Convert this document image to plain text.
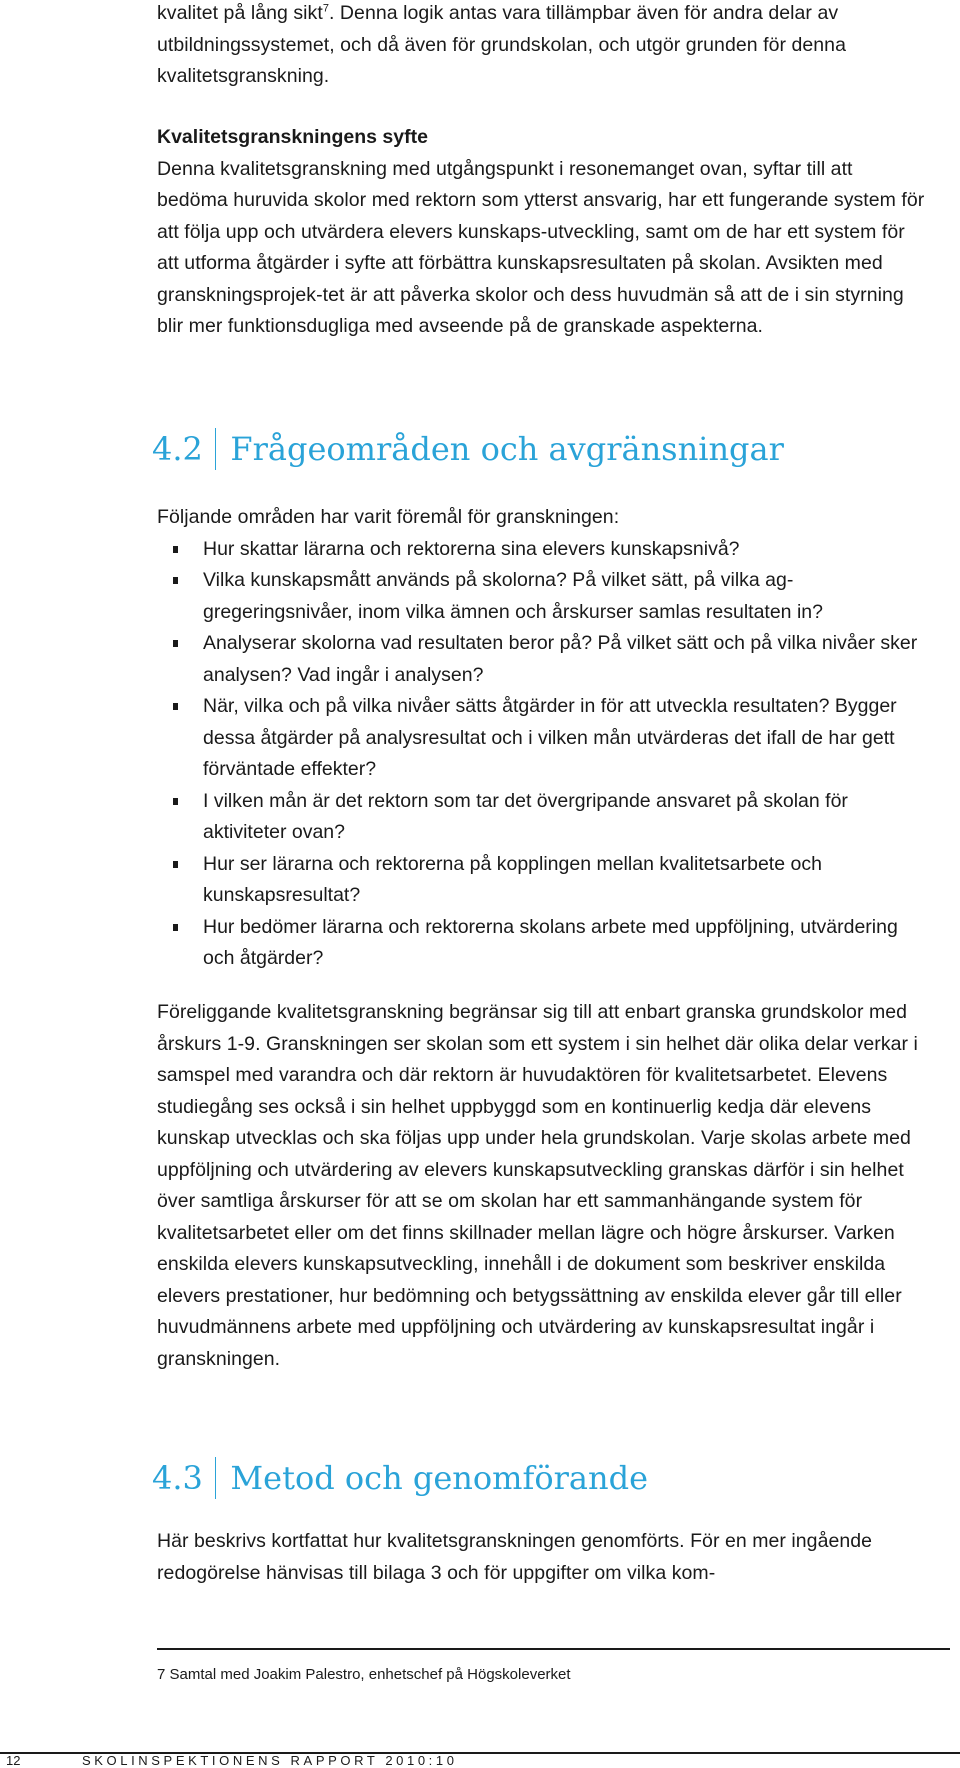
kvalitet på lång sikt$^7$. Denna logik antas vara tillämpbar även för andra delar av utbildningssystemet, och då även för grundskolan, och utgör grunden för denna kvalitetsgranskning.

Kvalitetsgranskningens syfte

Denna kvalitetsgranskning med utgångspunkt i resonemanget ovan, syftar till att bedöma huruvida skolor med rektorn som ytterst ansvarig, har ett fungerande system för att följa upp och utvärdera elevers kunskaps-utveckling, samt om de har ett system för att utforma åtgärder i syfte att förbättra kunskapsresultaten på skolan. Avsikten med granskningsprojek-tet är att påverka skolor och dess huvudmän så att de i sin styrning blir mer funktionsdugliga med avseende på de granskade aspekterna.

4.2 Frågeområden och avgränsningar

Följande områden har varit föremål för granskningen:

Hur skattar lärarna och rektorerna sina elevers kunskapsnivå?
Vilka kunskapsmått används på skolorna? På vilket sätt, på vilka ag-gregeringsnivåer, inom vilka ämnen och årskurser samlas resultaten in?
Analyserar skolorna vad resultaten beror på? På vilket sätt och på vilka nivåer sker analysen? Vad ingår i analysen?
När, vilka och på vilka nivåer sätts åtgärder in för att utveckla resultaten? Bygger dessa åtgärder på analysresultat och i vilken mån utvärderas det ifall de har gett förväntade effekter?
I vilken mån är det rektorn som tar det övergripande ansvaret på skolan för aktiviteter ovan?
Hur ser lärarna och rektorerna på kopplingen mellan kvalitetsarbete och kunskapsresultat?
Hur bedömer lärarna och rektorerna skolans arbete med uppföljning, utvärdering och åtgärder?

Föreliggande kvalitetsgranskning begränsar sig till att enbart granska grundskolor med årskurs 1-9. Granskningen ser skolan som ett system i sin helhet där olika delar verkar i samspel med varandra och där rektorn är huvudaktören för kvalitetsarbetet. Elevens studiegång ses också i sin helhet uppbyggd som en kontinuerlig kedja där elevens kunskap utvecklas och ska följas upp under hela grundskolan. Varje skolas arbete med uppföljning och utvärdering av elevers kunskapsutveckling granskas därför i sin helhet över samtliga årskurser för att se om skolan har ett sammanhängande system för kvalitetsarbetet eller om det finns skillnader mellan lägre och högre årskurser. Varken enskilda elevers kunskapsutveckling, innehåll i de dokument som beskriver enskilda elevers prestationer, hur bedömning och betygssättning av enskilda elever går till eller huvudmännens arbete med uppföljning och utvärdering av kunskapsresultat ingår i granskningen.

4.3 Metod och genomförande

Här beskrivs kortfattat hur kvalitetsgranskningen genomförts. För en mer ingående redogörelse hänvisas till bilaga 3 och för uppgifter om vilka kom-

7 Samtal med Joakim Palestro, enhetschef på Högskoleverket
12	SKOLINSPEKTIONENS RAPPORT 2010:10
